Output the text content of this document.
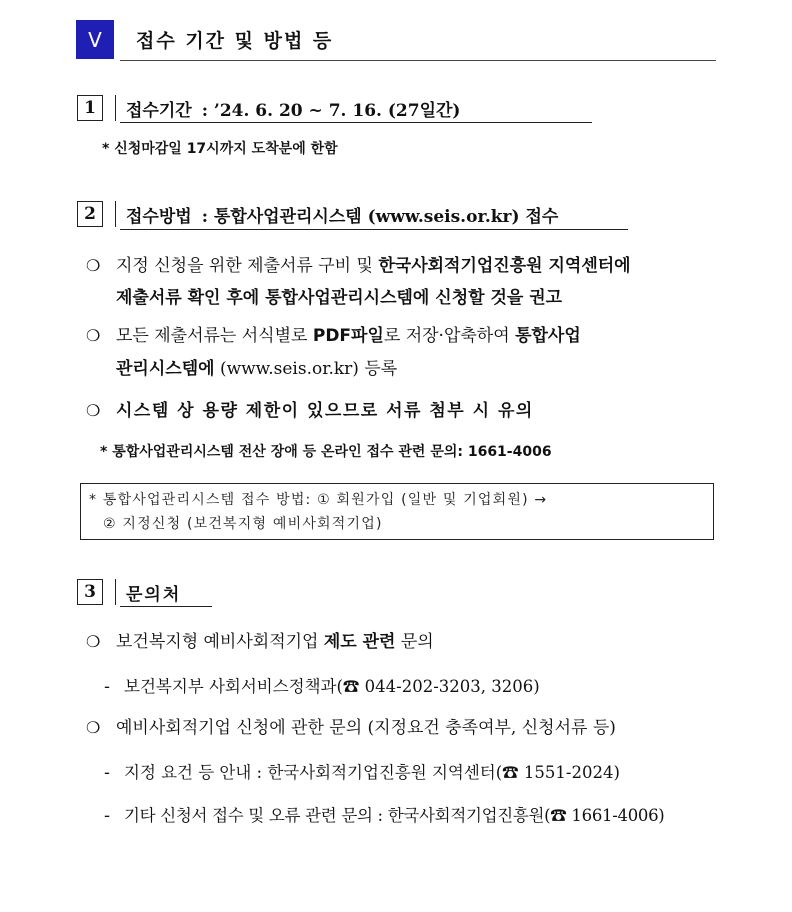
Ⅴ	접수 기간 및 방법 등
1	접수기간 : ’24. 6. 20 ~ 7. 16. (27일간)
* 신청마감일 17시까지 도착분에 한함
2	접수방법 : 통합사업관리시스템 (www.seis.or.kr) 접수
❍ 지정 신청을 위한 제출서류 구비 및 한국사회적기업진흥원 지역센터에
제출서류 확인 후에 통합사업관리시스템에 신청할 것을 권고
❍ 모든 제출서류는 서식별로 PDF파일로 저장·압축하여 통합사업
관리시스템에 (www.seis.or.kr) 등록
❍ 시스템 상 용량 제한이 있으므로 서류 첨부 시 유의
* 통합사업관리시스템 전산 장애 등 온라인 접수 관련 문의: 1661-4006
* 통합사업관리시스템 접수 방법: ① 회원가입 (일반 및 기업회원) →
② 지정신청 (보건복지형 예비사회적기업)
3	문의처
❍ 보건복지형 예비사회적기업 제도 관련 문의
- 보건복지부 사회서비스정책과(☎ 044-202-3203, 3206)
❍ 예비사회적기업 신청에 관한 문의 (지정요건 충족여부, 신청서류 등)
- 지정 요건 등 안내 : 한국사회적기업진흥원 지역센터(☎ 1551-2024)
- 기타 신청서 접수 및 오류 관련 문의 : 한국사회적기업진흥원(☎ 1661-4006)
